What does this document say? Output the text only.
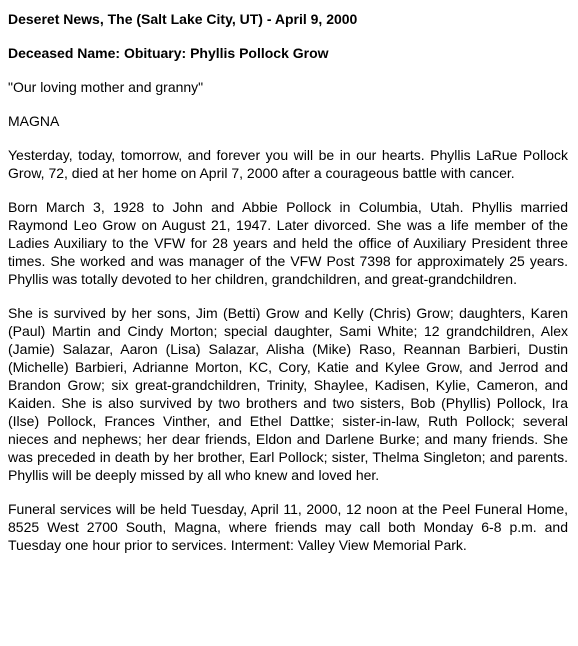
Deseret News, The (Salt Lake City, UT) - April 9, 2000
Deceased Name: Obituary: Phyllis Pollock Grow
"Our loving mother and granny"
MAGNA
Yesterday, today, tomorrow, and forever you will be in our hearts. Phyllis LaRue Pollock Grow, 72, died at her home on April 7, 2000 after a courageous battle with cancer.
Born March 3, 1928 to John and Abbie Pollock in Columbia, Utah. Phyllis married Raymond Leo Grow on August 21, 1947. Later divorced. She was a life member of the Ladies Auxiliary to the VFW for 28 years and held the office of Auxiliary President three times. She worked and was manager of the VFW Post 7398 for approximately 25 years. Phyllis was totally devoted to her children, grandchildren, and great-grandchildren.
She is survived by her sons, Jim (Betti) Grow and Kelly (Chris) Grow; daughters, Karen (Paul) Martin and Cindy Morton; special daughter, Sami White; 12 grandchildren, Alex (Jamie) Salazar, Aaron (Lisa) Salazar, Alisha (Mike) Raso, Reannan Barbieri, Dustin (Michelle) Barbieri, Adrianne Morton, KC, Cory, Katie and Kylee Grow, and Jerrod and Brandon Grow; six great-grandchildren, Trinity, Shaylee, Kadisen, Kylie, Cameron, and Kaiden. She is also survived by two brothers and two sisters, Bob (Phyllis) Pollock, Ira (Ilse) Pollock, Frances Vinther, and Ethel Dattke; sister-in-law, Ruth Pollock; several nieces and nephews; her dear friends, Eldon and Darlene Burke; and many friends. She was preceded in death by her brother, Earl Pollock; sister, Thelma Singleton; and parents. Phyllis will be deeply missed by all who knew and loved her.
Funeral services will be held Tuesday, April 11, 2000, 12 noon at the Peel Funeral Home, 8525 West 2700 South, Magna, where friends may call both Monday 6-8 p.m. and Tuesday one hour prior to services. Interment: Valley View Memorial Park.
